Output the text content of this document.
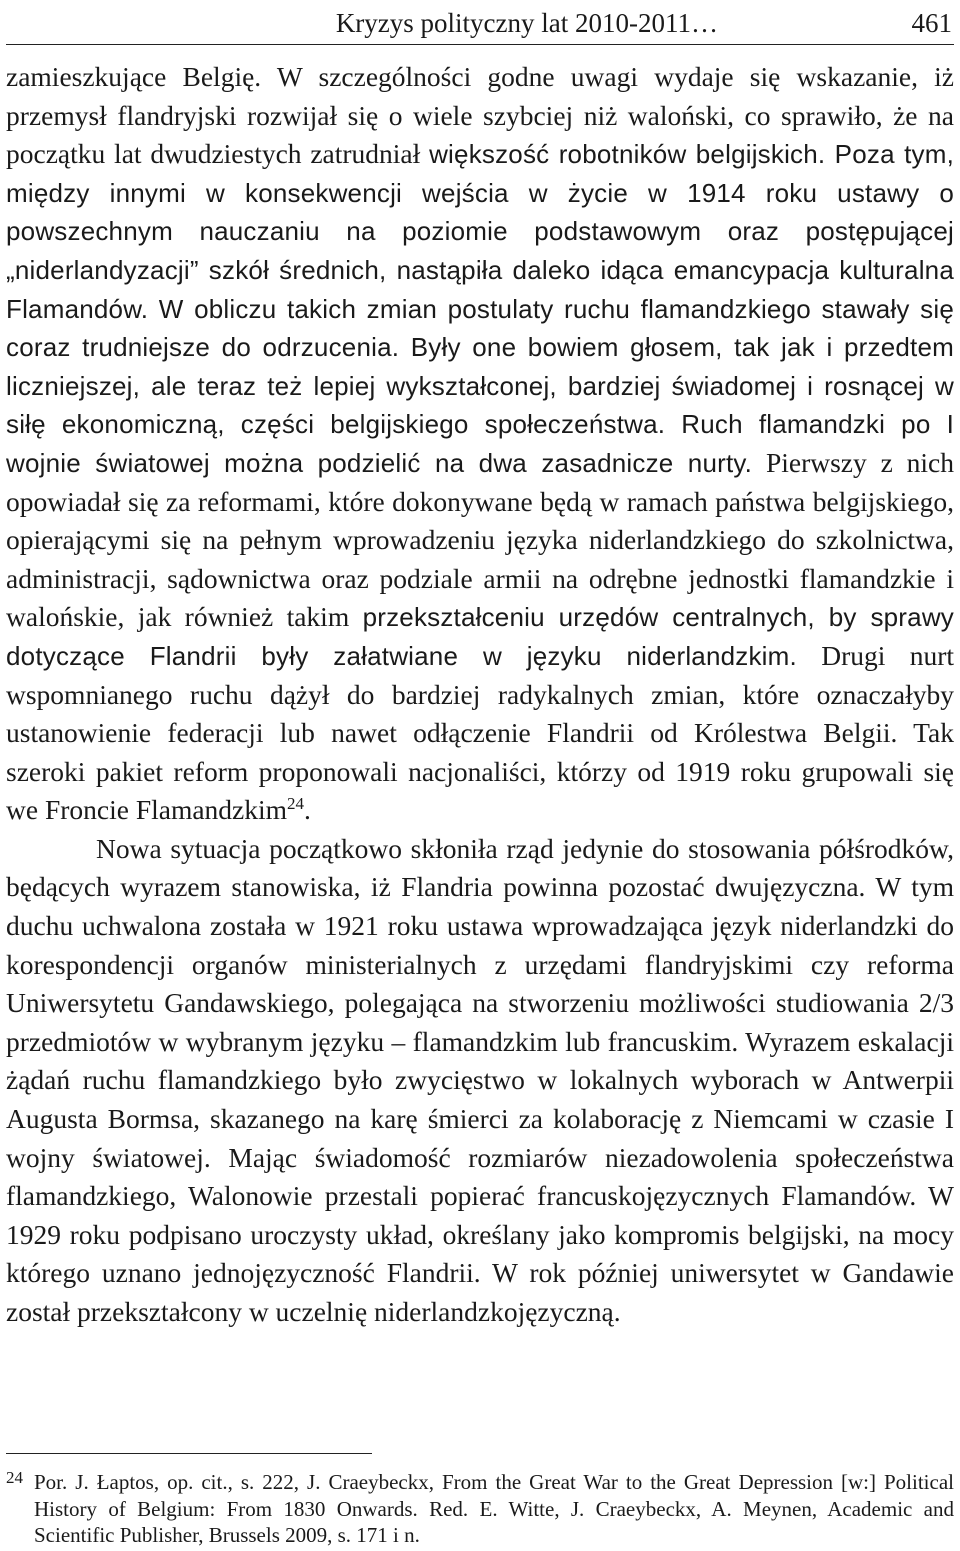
Kryzys polityczny lat 2010-2011…	461

zamieszkujące Belgię. W szczególności godne uwagi wydaje się wskazanie, iż przemysł flandryjski rozwijał się o wiele szybciej niż waloński, co sprawiło, że na początku lat dwudziestych zatrudniał większość robotników belgijskich. Poza tym, między innymi w konsekwencji wejścia w życie w 1914 roku ustawy o powszechnym nauczaniu na poziomie podstawowym oraz postępującej „niderlandyzacji” szkół średnich, nastąpiła daleko idąca emancypacja kulturalna Flamandów. W obliczu takich zmian postulaty ruchu flamandzkiego stawały się coraz trudniejsze do odrzucenia. Były one bowiem głosem, tak jak i przedtem liczniejszej, ale teraz też lepiej wykształconej, bardziej świadomej i rosnącej w siłę ekonomiczną, części belgijskiego społeczeństwa. Ruch flamandzki po I wojnie światowej można podzielić na dwa zasadnicze nurty. Pierwszy z nich opowiadał się za reformami, które dokonywane będą w ramach państwa belgijskiego, opierającymi się na pełnym wprowadzeniu języka niderlandzkiego do szkolnictwa, administracji, sądownictwa oraz podziale armii na odrębne jednostki flamandzkie i walońskie, jak również takim przekształceniu urzędów centralnych, by sprawy dotyczące Flandrii były załatwiane w języku niderlandzkim. Drugi nurt wspomnianego ruchu dążył do bardziej radykalnych zmian, które oznaczałyby ustanowienie federacji lub nawet odłączenie Flandrii od Królestwa Belgii. Tak szeroki pakiet reform proponowali nacjonaliści, którzy od 1919 roku grupowali się we Froncie Flamandzkim$^{24}$.

Nowa sytuacja początkowo skłoniła rząd jedynie do stosowania półśrodków, będących wyrazem stanowiska, iż Flandria powinna pozostać dwujęzyczna. W tym duchu uchwalona została w 1921 roku ustawa wprowadzająca język niderlandzki do korespondencji organów ministerialnych z urzędami flandryjskimi czy reforma Uniwersytetu Gandawskiego, polegająca na stworzeniu możliwości studiowania 2/3 przedmiotów w wybranym języku – flamandzkim lub francuskim. Wyrazem eskalacji żądań ruchu flamandzkiego było zwycięstwo w lokalnych wyborach w Antwerpii Augusta Bormsa, skazanego na karę śmierci za kolaborację z Niemcami w czasie I wojny światowej. Mając świadomość rozmiarów niezadowolenia społeczeństwa flamandzkiego, Walonowie przestali popierać francuskojęzycznych Flamandów. W 1929 roku podpisano uroczysty układ, określany jako kompromis belgijski, na mocy którego uznano jednojęzyczność Flandrii. W rok później uniwersytet w Gandawie został przekształcony w uczelnię niderlandzkojęzyczną.

24 Por. J. Łaptos, op. cit., s. 222, J. Craeybeckx, From the Great War to the Great Depression [w:] Political History of Belgium: From 1830 Onwards. Red. E. Witte, J. Craeybeckx, A. Meynen, Academic and Scientific Publisher, Brussels 2009, s. 171 i n.
